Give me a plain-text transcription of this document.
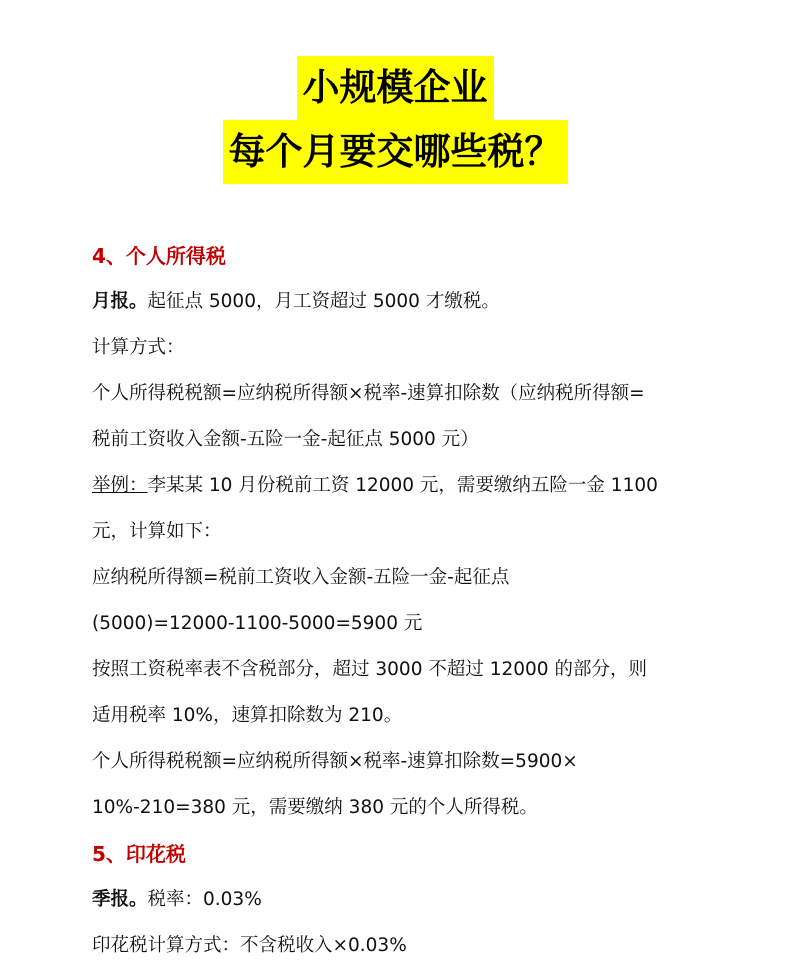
小规模企业
每个月要交哪些税？
4、个人所得税
月报。起征点 5000，月工资超过 5000 才缴税。
计算方式：
个人所得税税额=应纳税所得额×税率-速算扣除数（应纳税所得额=
税前工资收入金额-五险一金-起征点 5000 元）
举例：李某某 10 月份税前工资 12000 元，需要缴纳五险一金 1100
元，计算如下：
应纳税所得额=税前工资收入金额-五险一金-起征点
(5000)=12000-1100-5000=5900 元
按照工资税率表不含税部分，超过 3000 不超过 12000 的部分，则
适用税率 10%，速算扣除数为 210。
个人所得税税额=应纳税所得额×税率-速算扣除数=5900×
10%-210=380 元，需要缴纳 380 元的个人所得税。
5、印花税
季报。税率：0.03%
印花税计算方式：不含税收入×0.03%
